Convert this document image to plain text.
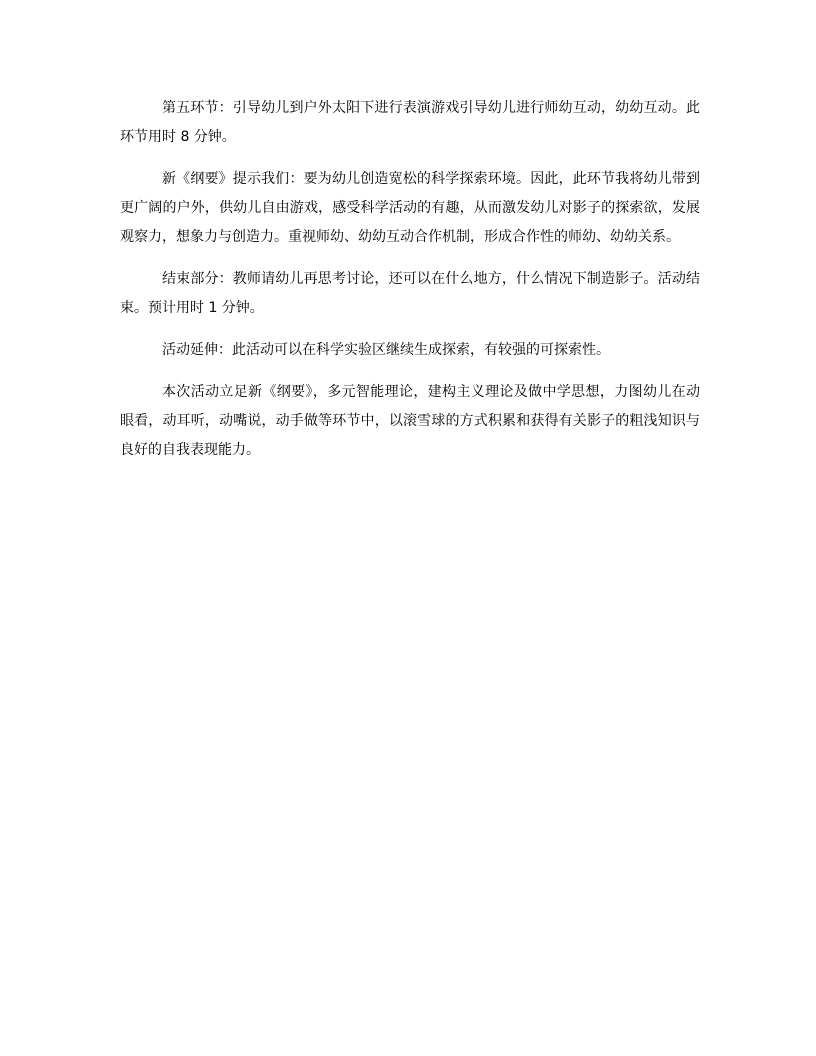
第五环节：引导幼儿到户外太阳下进行表演游戏引导幼儿进行师幼互动，幼幼互动。此环节用时 8 分钟。

新《纲要》提示我们：要为幼儿创造宽松的科学探索环境。因此，此环节我将幼儿带到更广阔的户外，供幼儿自由游戏，感受科学活动的有趣，从而激发幼儿对影子的探索欲，发展观察力，想象力与创造力。重视师幼、幼幼互动合作机制，形成合作性的师幼、幼幼关系。

结束部分：教师请幼儿再思考讨论，还可以在什么地方，什么情况下制造影子。活动结束。预计用时 1 分钟。

活动延伸：此活动可以在科学实验区继续生成探索，有较强的可探索性。

本次活动立足新《纲要》，多元智能理论，建构主义理论及做中学思想，力图幼儿在动眼看，动耳听，动嘴说，动手做等环节中，以滚雪球的方式积累和获得有关影子的粗浅知识与良好的自我表现能力。
